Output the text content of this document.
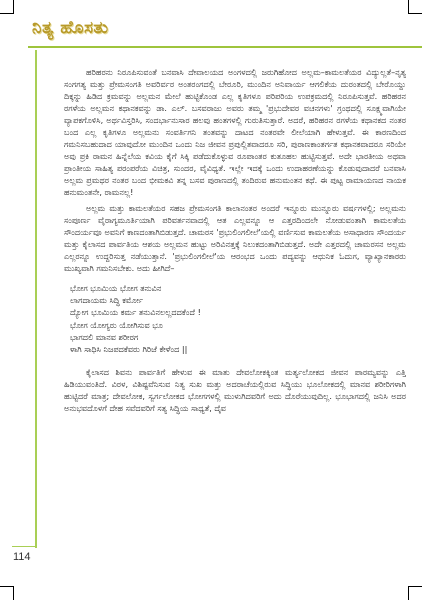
ನಿತ್ಯ ಹೊಸತು

ಹರಿಹರನು ನಿರೂಪಿಸುವಂತೆ ಬನವಾಸಿ ದೇವಾಲಯದ ಅಂಗಳದಲ್ಲಿ ಜರುಗಿಹೋದ ಅಲ್ಲಮ–ಕಾಮಲತೆಯರ ವಿದ್ಯುಲ್ಲತೆ–ನೃತ್ಯ ಸಂಗಗತ್ಯ ಮತ್ತು ಪ್ರೇಮಸಂಗತಿ ಅವರಿರ್ವರ ಅಂತರಂಗದಲ್ಲಿ ಬೇರೂರಿ, ಮುಂದಿನ ಅನಿವಾರ್ಯ ಆಗಲಿಕೆಯ ದುರಂತದಲ್ಲಿ ಬೇರೊಯ್ದು ದಿಕ್ಕನ್ನು ಹಿಡಿದ ಕ್ರಮವನ್ನು ಅಲ್ಲಮನ ಮೇಲೆ ಹುಟ್ಟಿಕೊಂಡ ಎಲ್ಲ ಕೃತಿಗಳೂ ಪರಿಪರಿಯ ಉಪಕ್ರಮದಲ್ಲಿ ನಿರೂಪಿಸುತ್ತವೆ. ಹರಿಹರನ ರಗಳೆಯ ಅಲ್ಲಮನ ಕಥಾನಕವನ್ನು ಡಾ. ಎಲ್. ಬಸವರಾಜು ಅವರು ತಮ್ಮ 'ಪ್ರಭುದೇವರ ವಚನಗಳು' ಗ್ರಂಥದಲ್ಲಿ ಸೂಕ್ಷ್ಮವಾಗಿಯೇ ವ್ಯಾಪಕಗೊಳಿಸಿ, ಅರ್ಥವಿಸ್ತರಿಸಿ, ಸಂದರ್ಭಾನುಸಾರ ಹಲವು ಹಂತಗಳಲ್ಲಿ ಗುರುತಿಸುತ್ತಾರೆ. ಅದರೆ, ಹರಿಹರನ ರಗಳೆಯ ಕಥಾನಕದ ನಂತರ ಬಂದ ಎಲ್ಲ ಕೃತಿಗಳೂ ಅಲ್ಲಮನು ಸಂವರ್ತಿಗನಿ ತಂತವನ್ನು ದಾಟದ ನಂತರವೇ ಲೀಲೆಯಾಗಿ ಹೇಳುತ್ತವೆ. ಈ ಕಾರಣದಿಂದ ಗಮನಿಸಬಹುದಾದ ಯಾವುದೋ ಮುಂದಿನ ಒಂದು ನಿಜ ಜೀವನ ಪ್ರಪುಲ್ಲಿತವಾದರೂ ಸರಿ, ಪುರಾಣಕಾಂತರ್ಗತ ಕಥಾನಕವಾದರೂ ಸರಿಯೇ ಅವು ಪ್ರಕಿ ರಾಮನ ಹಿನ್ನೆಲೆಯ ಕವಿಯ ಕೈಗೆ ಸಿಕ್ಕಿ ಪಡೆದುಕೊಳ್ಳುವ ರೂಪಾಂತರ ಕುತೂಹಲ ಹುಟ್ಟಿಸುತ್ತವೆ. ಅದೇ ಭಾರತೀಯ ಅಥವಾ ಪ್ರಾಂತೀಯ ಸಾಹಿತ್ಯ ಪರಂಪರೆಯ ವಿಚಿತ್ರ, ಸುಂದರ, ವೈವಿಧ್ಯತೆ. ಇಲ್ಲೇ ಇದಕ್ಕೆ ಒಂದು ಉದಾಹರಣೆಯನ್ನು ಕೊಡುವುದಾದರೆ ಬನವಾಸಿ ಅಲ್ಲಮ ಪ್ರಮಥರ ನಂತರ ಬಂದ ಭೀಮಕವಿ ತನ್ನ ಬಸವ ಪುರಾಣದಲ್ಲಿ ತಂದಿರುವ ಹನುಮಂತನ ಕಥೆ. ಈ ಪುಟ್ಟ ರಾಮಾಯಣದ ನಾಯಕ ಹನುಮಂತನೇ, ರಾಮನಲ್ಲ!

ಅಲ್ಲಮ ಮತ್ತು ಕಾಮಲತೆಯರ ಸಹಜ ಪ್ರೇಮಸಂಗತಿ ಕಾಲಾನಂತರ ಅಂದರೆ ಇನ್ನೂರು ಮುನ್ನೂರು ವರ್ಷಗಳಲ್ಲಿ; ಅಲ್ಲಮನು ಸಂಪೂರ್ಣ ವೈರಾಗ್ಯಮೂರ್ತಿಯಾಗಿ ಪರಿವರ್ತನವಾದಲ್ಲಿ ಆತ ಎಲ್ಲವನ್ನೂ ಆ ಎತ್ತರದಿಂದಲೇ ನೋಡುವಂತಾಗಿ ಕಾಮಲತೆಯ ಸೌಂದರ್ಯವೂ ಅವನಿಗೆ ಕಾಣದಂತಾಗಿಬಿಡುತ್ತದೆ. ಚಾಮರಸ 'ಪ್ರಭುಲಿಂಗಲೀಲೆ'ಯಲ್ಲಿ ವರ್ಣಿಸುವ ಕಾಮಲತೆಯ ಅಸಾಧಾರಣ ಸೌಂದರ್ಯ ಮತ್ತು ಕೈಲಾಸದ ಪಾರ್ವತಿಯ ಆಶಯ ಅಲ್ಲಮನ ಹುಟ್ಟು ಅರಿವಿನತ್ತಕ್ಕೆ ನಿಲುಕದಂತಾಗಿಬಿಡುತ್ತದೆ. ಅದೇ ಎತ್ತರದಲ್ಲಿ ಚಾಮರಸನ ಅಲ್ಲಮ ಎಲ್ಲರನ್ನೂ ಉದ್ದರಿಸುತ್ತ ನಡೆಯುತ್ತಾನೆ. 'ಪ್ರಭುಲಿಂಗಲೀಲೆ'ಯ ಆರಂಭದ ಒಂದು ಪದ್ಯವನ್ನು ಆಧುನಿಕ ಓದುಗ, ವ್ಯಾಖ್ಯಾನಕಾರರು ಮುಖ್ಯವಾಗಿ ಗಮನಿಸಬೇಕು. ಅದು ಹೀಗಿದೆ–

ಭೋಗ ಭೂಮಿಯ ಭೋಗ ತನುವಿನ
ಲಾಗದಾಯಮ ಸಿದ್ಧಿ ಕರ್ಮೋ
ದ್ಯೋಗ ಭೂಮಿಯ ಕರ್ಮ ತನುವಿನಲಲ್ಲದದಕೆಂದೆ !
ಭೋಗ ಯೋಗ್ಯರು ಯೋಗಿಸುವ ಭೂ
ಭಾಗದಲಿ ಮಾನವ ಶರೀರಗ
ಳಾಗಿ ಸಾಧಿಸಿ ನಿಜಪದಕೆವರು ಗಿರಿಜೆ ಕೇಳೆಂದ ||

ಕೈಲಾಸದ ಶಿವನು ಪಾರ್ವತಿಗೆ ಹೇಳುವ ಈ ಮಾತು ದೇವಲೋಕಕ್ಕಿಂತ ಮರ್ತ್ಯಲೋಕದ ಜೀವನ ಪಾರಮ್ಯವನ್ನು ಎತ್ತಿ ಹಿಡಿಯುವಂತಿದೆ. ವಿರಳ, ವಿಶಿಷ್ಟವೆನಿಸುವ ನಿತ್ಯ ಸುಖ ಮತ್ತು ಅದರಾಚೆಯಲ್ಲಿರುವ ಸಿದ್ಧಿಯು ಭೂಲೋಕದಲ್ಲಿ ಮಾನವ ಶರೀರಿಗಳಾಗಿ ಹುಟ್ಟಿದರೆ ಮಾತ್ರ; ದೇವಲೋಕ, ಸ್ವರ್ಗಲೋಕದ ಭೋಗಗಳಲ್ಲಿ ಮುಳುಗಿದವರಿಗೆ ಅದು ದೊರೆಯುವುದಿಲ್ಲ. ಭೂಭಾಗದಲ್ಲಿ ಜನಿಸಿ ಅದರ ಅನುಭವದೊಳಗೆ ದೇಹ ಸವೆದವರಿಗೆ ಸತ್ಯ ಸಿದ್ಧಿಯ ಸಾಧ್ಯತೆ, ದೈವ

114
